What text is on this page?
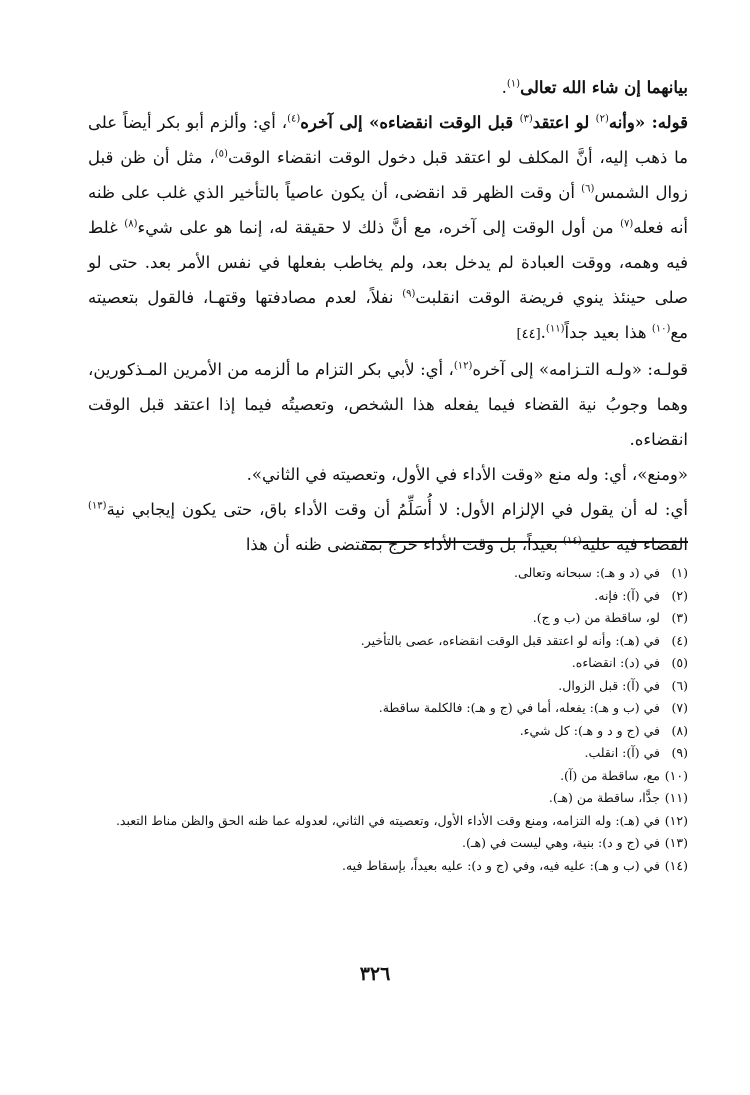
بيانهما إن شاء الله تعالى$^{(١)}$.
قوله: «وأنه$^{(٢)}$ لو اعتقد$^{(٣)}$ قبل الوقت انقضاءه» إلى آخره$^{(٤)}$، أي: وألزم أبو بكر أيضاً على ما ذهب إليه، أنَّ المكلف لو اعتقد قبل دخول الوقت انقضاء الوقت$^{(٥)}$، مثل أن ظن قبل زوال الشمس$^{(٦)}$ أن وقت الظهر قد انقضى، أن يكون عاصياً بالتأخير الذي غلب على ظنه أنه فعله$^{(٧)}$ من أول الوقت إلى آخره، مع أنَّ ذلك لا حقيقة له، إنما هو على شيء$^{(٨)}$ غلط فيه وهمه، ووقت العبادة لم يدخل بعد، ولم يخاطب بفعلها في نفس الأمر بعد. حتى لو صلى حينئذ ينوي فريضة الوقت انقلبت$^{(٩)}$ نفلاً، لعدم مصادفتها وقتهـا، فالقول بتعصيته مع$^{(١٠)}$ هذا بعيد جداً$^{(١١)}$.[٤٤]

قولـه: «ولـه التـزامه» إلى آخره$^{(١٢)}$، أي: لأبي بكر التزام ما ألزمه من الأمرين المـذكورين، وهما وجوبُ نية القضاء فيما يفعله هذا الشخص، وتعصيتُه فيما إذا اعتقد قبل الوقت انقضاءه.

«ومنع»، أي: وله منع «وقت الأداء في الأول، وتعصيته في الثاني».

أي: له أن يقول في الإلزام الأول: لا أُسَلِّمُ أن وقت الأداء باق، حتى يكون إيجابي نية$^{(١٣)}$ القضاء فيه عليه$^{(١٤)}$ بعيداً، بل وقت الأداء خرج بمقتضى ظنه أن هذا

(١)في (د و هـ): سبحانه وتعالى.

(٢)في (آ): فإنه.

(٣)لو، ساقطة من (ب و ج).

(٤)في (هـ): وأنه لو اعتقد قبل الوقت انقضاءه، عصى بالتأخير.

(٥)في (د): انقضاءه.

(٦)في (آ): قبل الزوال.

(٧)في (ب و هـ): يفعله، أما في (ج و هـ): فالكلمة ساقطة.

(٨)في (ج و د و هـ): كل شيء.

(٩)في (آ): انقلب.

(١٠)مع، ساقطة من (آ).

(١١)جدًّا، ساقطة من (هـ).

(١٢)في (هـ): وله التزامه، ومنع وقت الأداء الأول، وتعصيته في الثاني، لعدوله عما ظنه الحق والظن مناط التعبد.

(١٣)في (ج و د): بنية، وهي ليست في (هـ).

(١٤)في (ب و هـ): عليه فيه، وفي (ج و د): عليه بعيداً، بإسقاط فيه.

٣٢٦
